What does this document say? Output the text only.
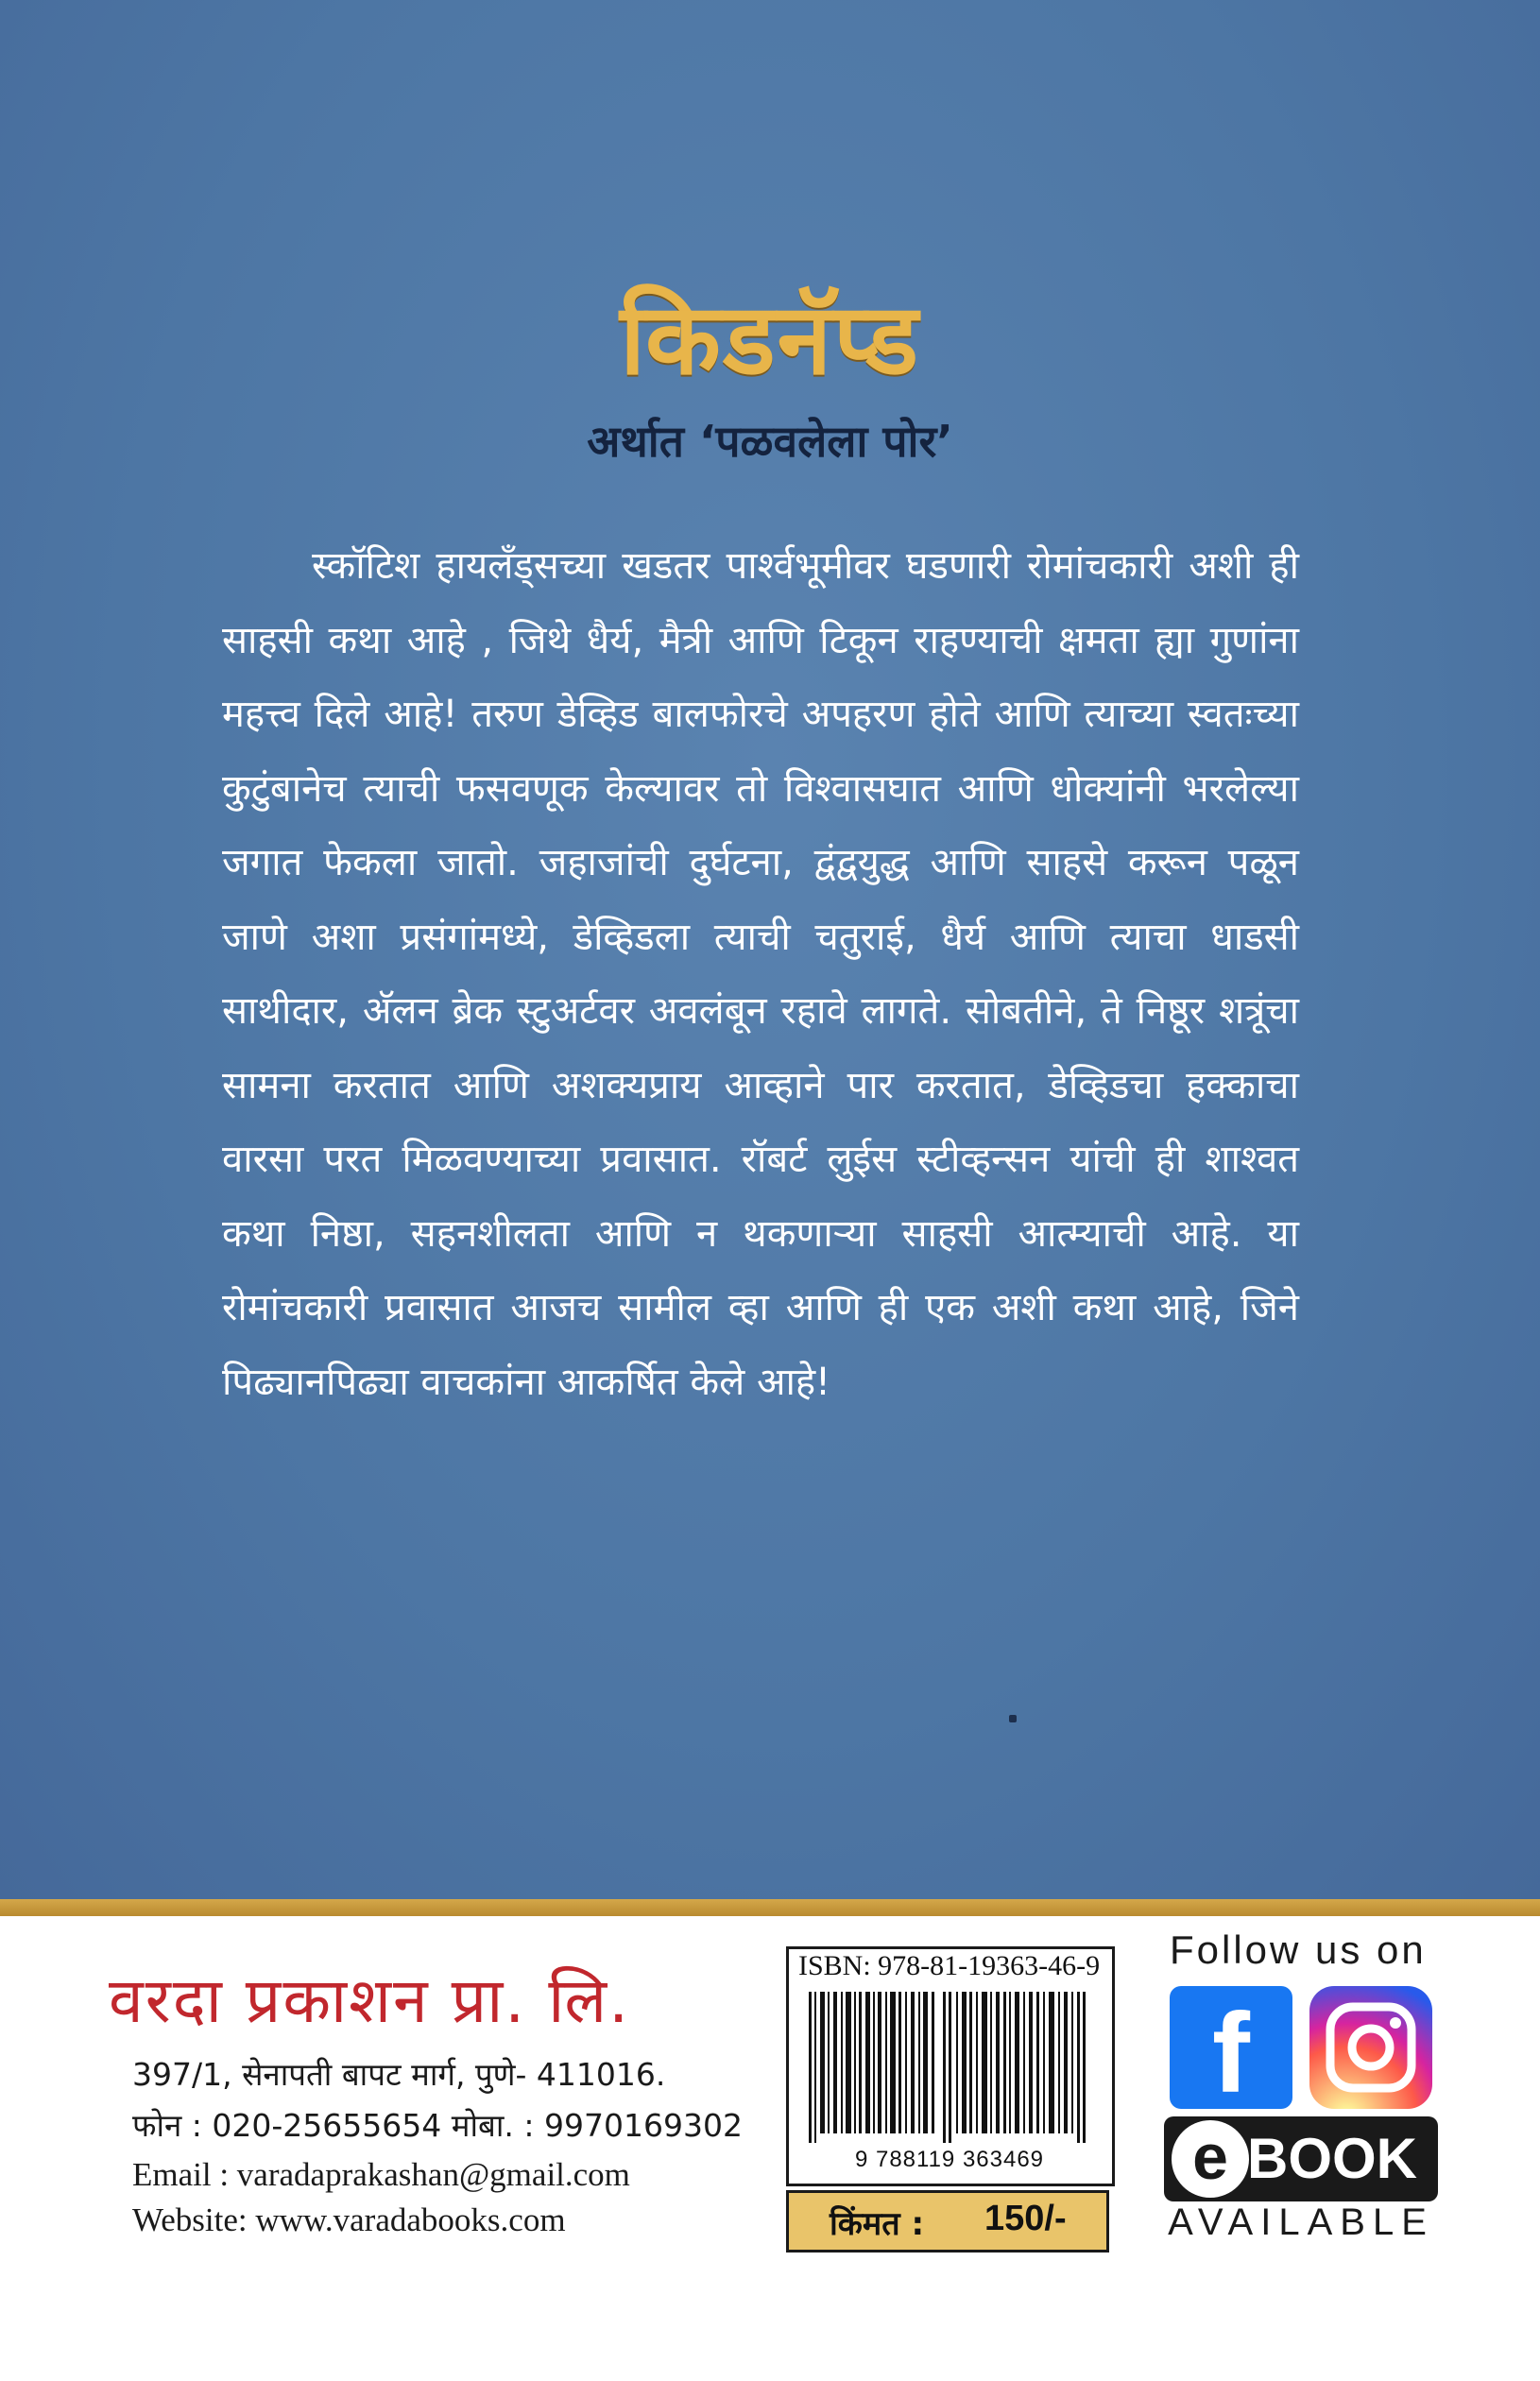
किडनॅप्ड
अर्थात ‘पळवलेला पोर’
स्कॉटिश हायलँड्सच्या खडतर पार्श्वभूमीवर घडणारी रोमांचकारी अशी ही साहसी कथा आहे , जिथे धैर्य, मैत्री आणि टिकून राहण्याची क्षमता ह्या गुणांना महत्त्व दिले आहे! तरुण डेव्हिड बालफोरचे अपहरण होते आणि त्याच्या स्वतःच्या कुटुंबानेच त्याची फसवणूक केल्यावर तो विश्वासघात आणि धोक्यांनी भरलेल्या जगात फेकला जातो. जहाजांची दुर्घटना, द्वंद्वयुद्ध आणि साहसे करून पळून जाणे अशा प्रसंगांमध्ये, डेव्हिडला त्याची चतुराई, धैर्य आणि त्याचा धाडसी साथीदार, अ‍ॅलन ब्रेक स्टुअर्टवर अवलंबून रहावे लागते. सोबतीने, ते निष्ठूर शत्रूंचा सामना करतात आणि अशक्यप्राय आव्हाने पार करतात, डेव्हिडचा हक्काचा वारसा परत मिळवण्याच्या प्रवासात. रॉबर्ट लुईस स्टीव्हन्सन यांची ही शाश्वत कथा निष्ठा, सहनशीलता आणि न थकणाऱ्या साहसी आत्म्याची आहे. या रोमांचकारी प्रवासात आजच सामील व्हा आणि ही एक अशी कथा आहे, जिने पिढ्यानपिढ्या वाचकांना आकर्षित केले आहे!
वरदा प्रकाशन प्रा. लि.
397/1, सेनापती बापट मार्ग, पुणे- 411016.
फोन : 020-25655654 मोबा. : 9970169302
Email : varadaprakashan@gmail.com
Website: www.varadabooks.com
ISBN: 978-81-19363-46-9
9 788119 363469
किंमत : 150/-
Follow us on
f
e BOOK
AVAILABLE
